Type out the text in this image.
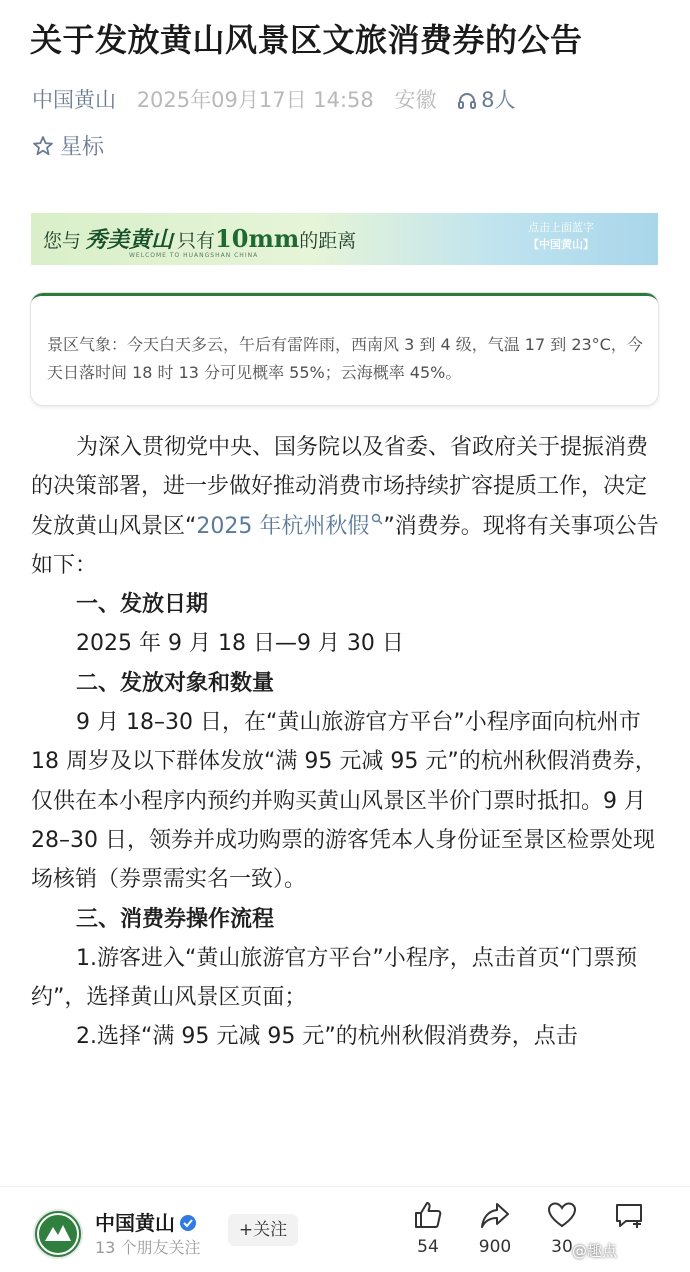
关于发放黄山风景区文旅消费券的公告
中国黄山 2025年09月17日 14:58 安徽 8人
星标
您与 秀美黄山 只有10mm的距离
WELCOME TO HUANGSHAN CHINA
点击上面蓝字
【中国黄山】
景区气象：今天白天多云，午后有雷阵雨，西南风 3 到 4 级，气温 17 到 23°C，今天日落时间 18 时 13 分可见概率 55%；云海概率 45%。

为深入贯彻党中央、国务院以及省委、省政府关于提振消费的决策部署，进一步做好推动消费市场持续扩容提质工作，决定发放黄山风景区“2025 年杭州秋假 ”消费券。现将有关事项公告如下：

一、发放日期

2025 年 9 月 18 日—9 月 30 日

二、发放对象和数量

9 月 18–30 日，在“黄山旅游官方平台”小程序面向杭州市 18 周岁及以下群体发放“满 95 元减 95 元”的杭州秋假消费券，仅供在本小程序内预约并购买黄山风景区半价门票时抵扣。9 月 28–30 日，领券并成功购票的游客凭本人身份证至景区检票处现场核销（券票需实名一致）。

三、消费券操作流程

1.游客进入“黄山旅游官方平台”小程序，点击首页“门票预约”，选择黄山风景区页面；

2.选择“满 95 元减 95 元”的杭州秋假消费券，点击

中国黄山
13 个朋友关注
+关注
54	900	30 @趣点
